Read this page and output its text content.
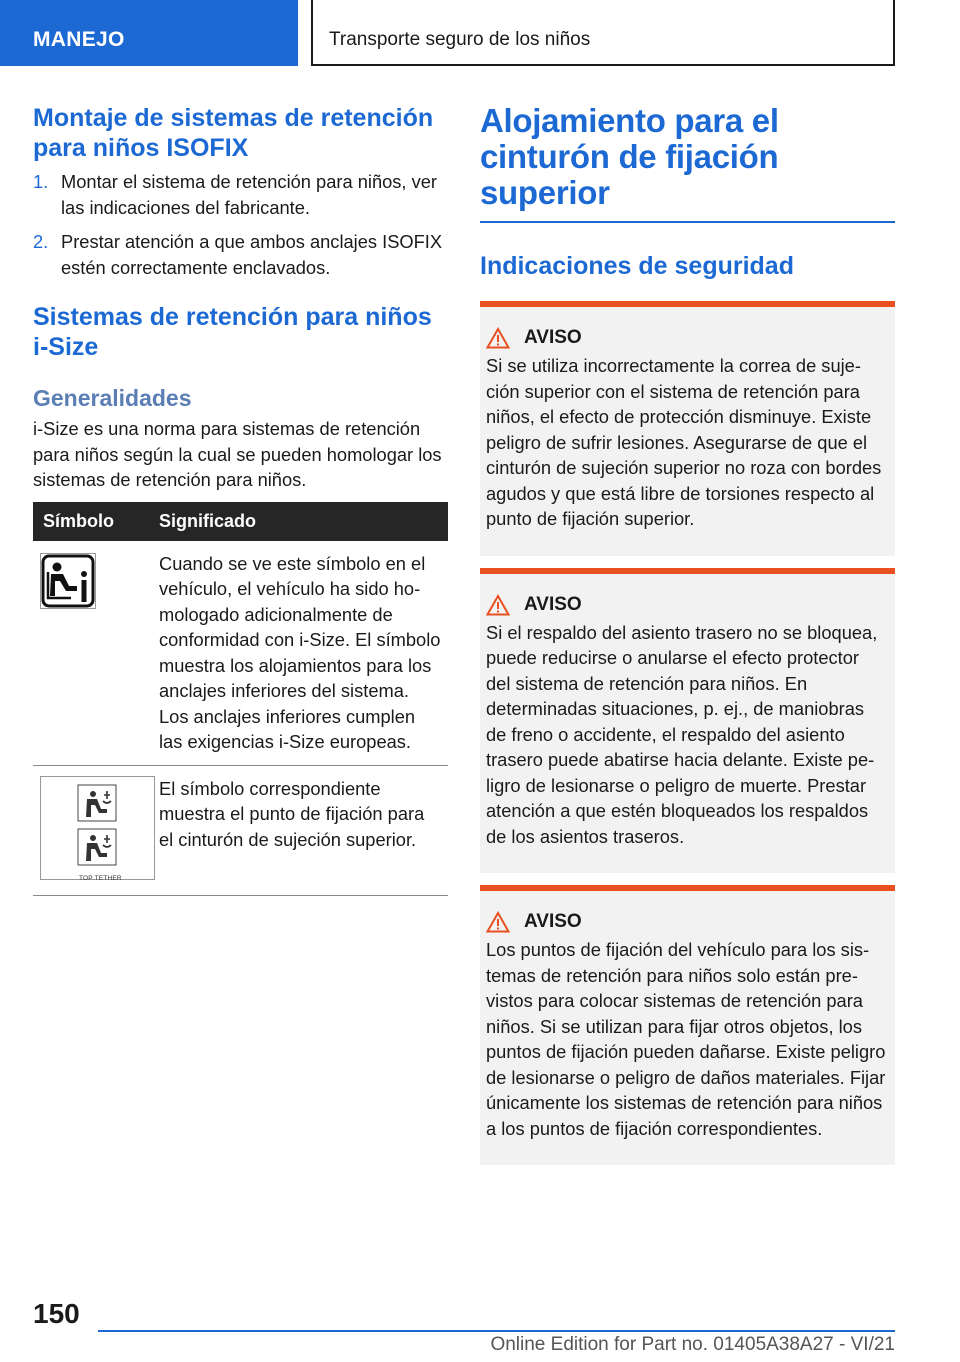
MANEJO	Transporte seguro de los niños
Montaje de sistemas de retención para niños ISOFIX
1. Montar el sistema de retención para niños, ver las indicaciones del fabricante.
2. Prestar atención a que ambos anclajes ISOFIX estén correctamente enclavados.
Sistemas de retención para niños i-Size
Generalidades

i-Size es una norma para sistemas de retención para niños según la cual se pueden homologar los sistemas de retención para niños.

Símbolo	Significado
	Cuando se ve este símbolo en el vehículo, el vehículo ha sido homologado adicionalmente de conformidad con i-Size. El símbolo muestra los alojamientos para los anclajes inferiores del sistema. Los anclajes inferiores cumplen las exigencias i-Size europeas.

TOP TETHER	El símbolo correspondiente muestra el punto de fijación para el cinturón de sujeción superior.
Alojamiento para el cinturón de fijación superior
Indicaciones de seguridad
AVISO

Si se utiliza incorrectamente la correa de sujeción superior con el sistema de retención para niños, el efecto de protección disminuye. Existe peligro de sufrir lesiones. Asegurarse de que el cinturón de sujeción superior no roza con bordes agudos y que está libre de torsiones respecto al punto de fijación superior.

AVISO

Si el respaldo del asiento trasero no se bloquea, puede reducirse o anularse el efecto protector del sistema de retención para niños. En determinadas situaciones, p. ej., de maniobras de freno o accidente, el respaldo del asiento trasero puede abatirse hacia delante. Existe peligro de lesionarse o peligro de muerte. Prestar atención a que estén bloqueados los respaldos de los asientos traseros.

AVISO

Los puntos de fijación del vehículo para los sistemas de retención para niños solo están previstos para colocar sistemas de retención para niños. Si se utilizan para fijar otros objetos, los puntos de fijación pueden dañarse. Existe peligro de lesionarse o peligro de daños materiales. Fijar únicamente los sistemas de retención para niños a los puntos de fijación correspondientes.

150
Online Edition for Part no. 01405A38A27 - VI/21
